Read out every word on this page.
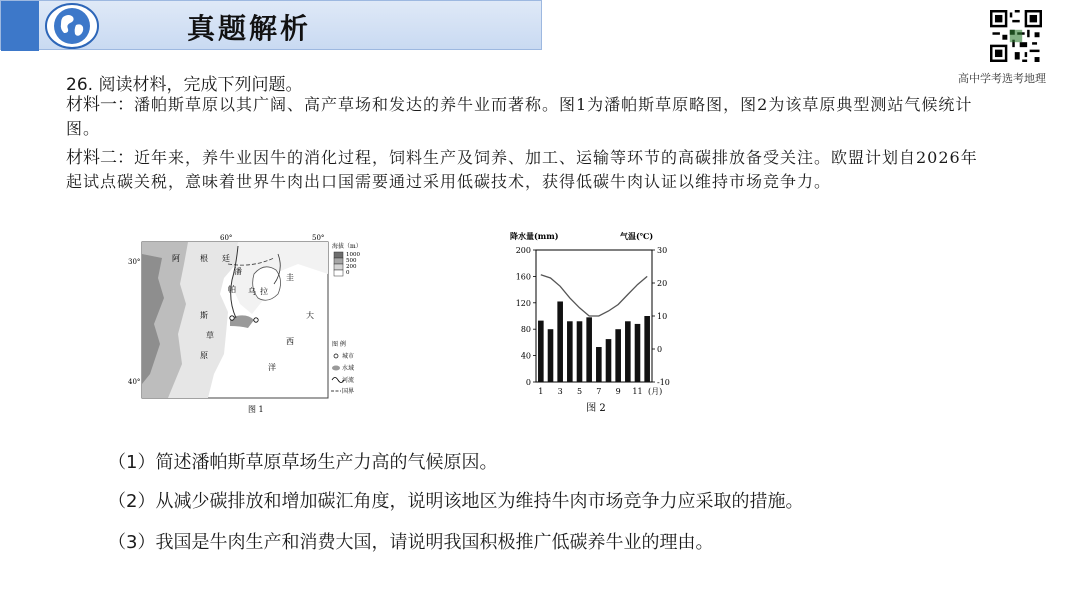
真题解析
高中学考选考地理
26. 阅读材料，完成下列问题。
材料一：潘帕斯草原以其广阔、高产草场和发达的养牛业而著称。图1为潘帕斯草原略图，图2为该草原典型测站气候统计图。
材料二：近年来，养牛业因牛的消化过程，饲料生产及饲养、加工、运输等环节的高碳排放备受关注。欧盟计划自2026年起试点碳关税，意味着世界牛肉出口国需要通过采用低碳技术，获得低碳牛肉认证以维持市场竞争力。
60°	50°
30°
40°
阿	根 廷
潘
帕 乌 拉
圭
斯
草
原
大
西
洋
海拔（m）
1000
500
200
0
图 例
城市
水域
河流
国界
图 1
降水量(mm)	气温(℃)
200
160
120
80
40
0
30
20
10
0
-10
1 3 5 7 9 11 (月)
图 2
（1）简述潘帕斯草原草场生产力高的气候原因。
（2）从减少碳排放和增加碳汇角度，说明该地区为维持牛肉市场竞争力应采取的措施。
（3）我国是牛肉生产和消费大国，请说明我国积极推广低碳养牛业的理由。
